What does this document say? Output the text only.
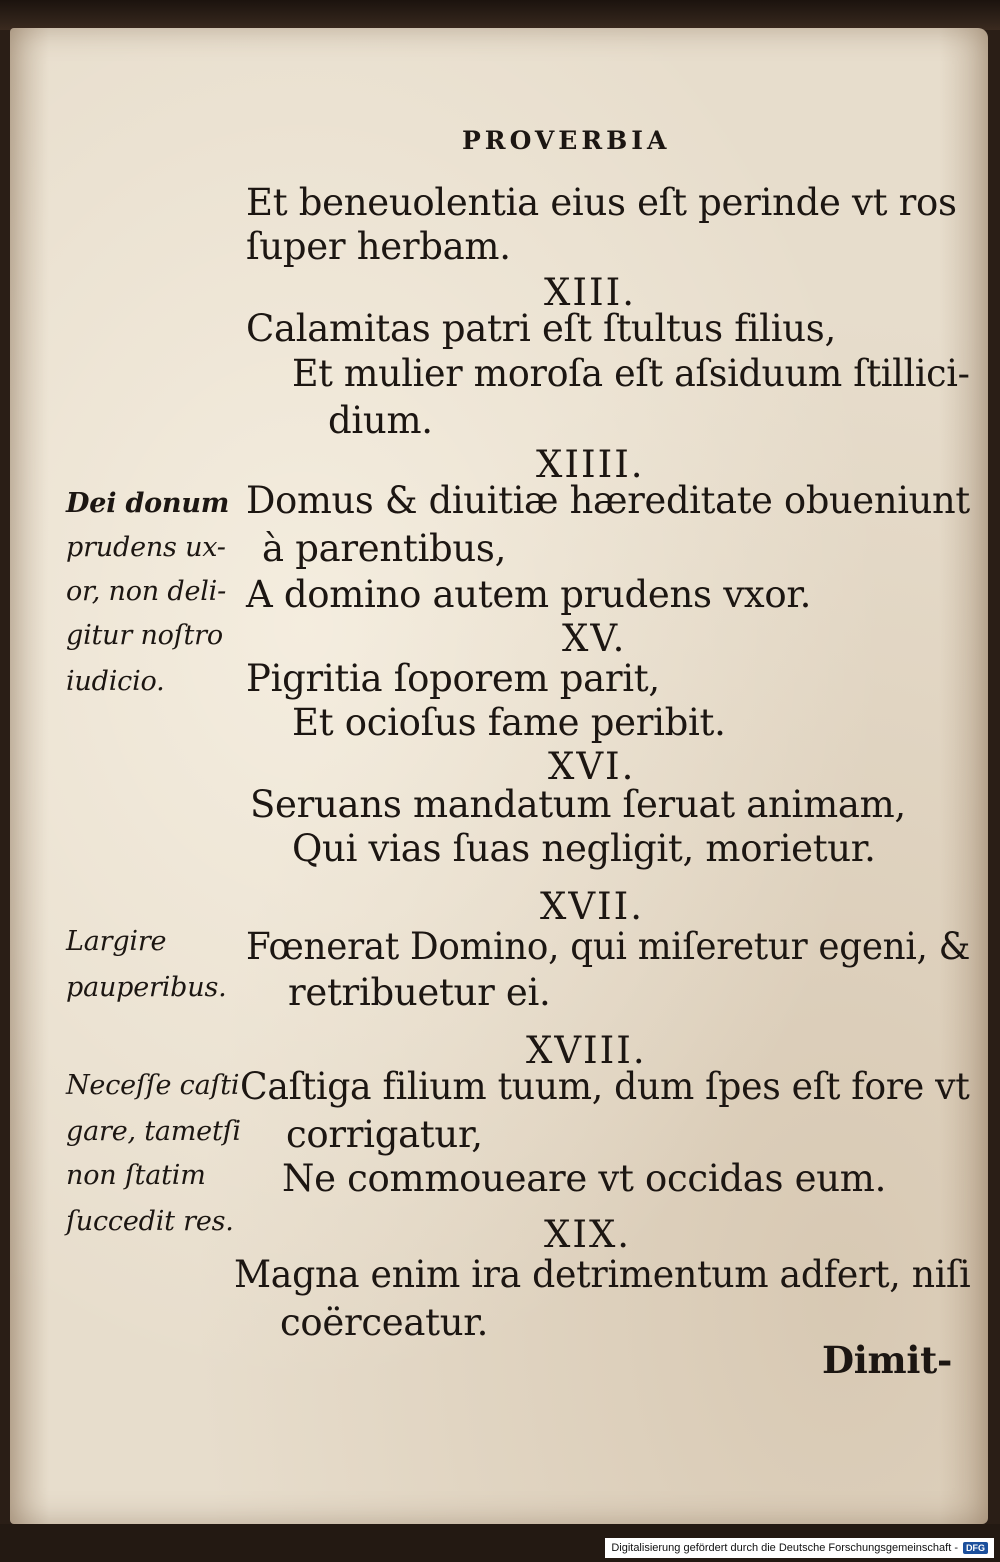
PROVERBIA
Et beneuolentia eius eſt perinde vt ros
ſuper herbam.
XIII.
Calamitas patri eſt ſtultus filius,
Et mulier moroſa eſt aſsiduum ſtillici-
dium.
XIIII.
Domus & diuitiæ hæreditate obueniunt
à parentibus,
A domino autem prudens vxor.
XV.
Pigritia ſoporem parit,
Et ocioſus fame peribit.
XVI.
Seruans mandatum ſeruat animam,
Qui vias ſuas negligit, morietur.
XVII.
Fœnerat Domino, qui miſeretur egeni, &
retribuetur ei.
XVIII.
Caſtiga filium tuum, dum ſpes eſt fore vt
corrigatur,
Ne commoueare vt occidas eum.
XIX.
Magna enim ira detrimentum adfert, niſi
coërceatur.
Dimit-
Dei donum
prudens ux-
or, non deli-
gitur noſtro
iudicio.
Largire
pauperibus.
Neceſſe caſti
gare, tametſi
non ſtatim
ſuccedit res.
Digitalisierung gefördert durch die Deutsche Forschungsgemeinschaft - DFG
